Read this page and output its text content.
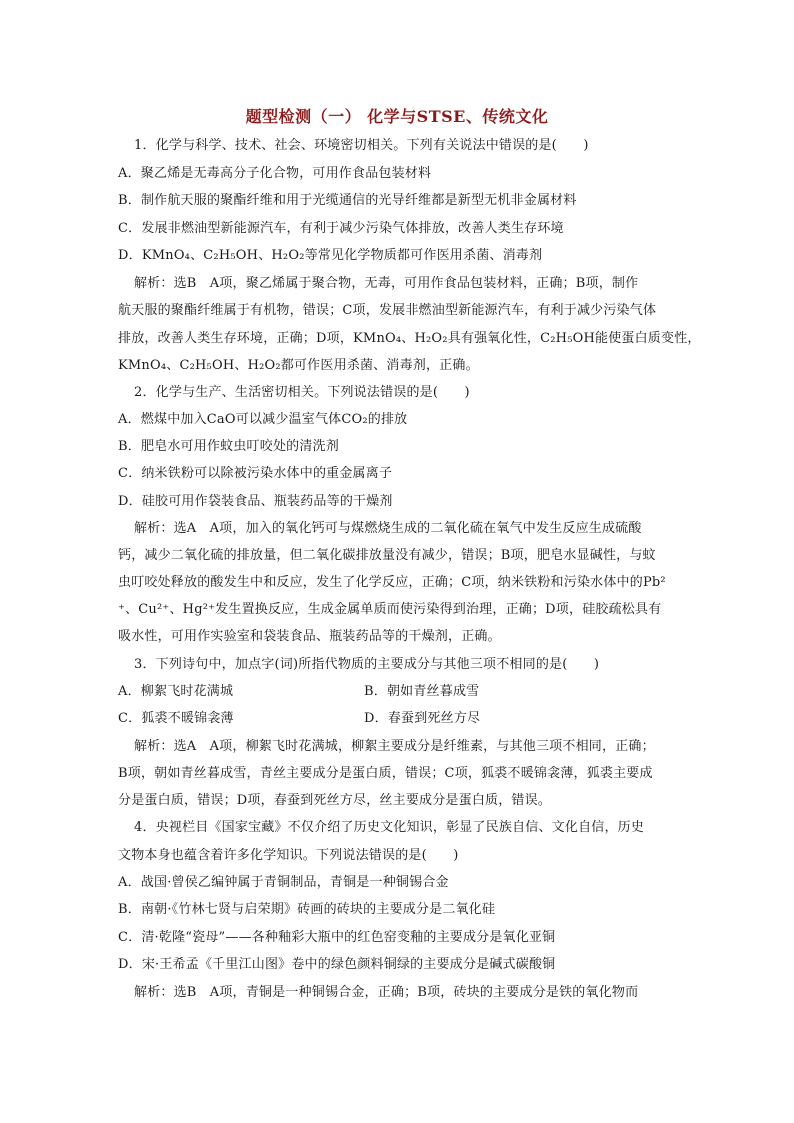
题型检测（一） 化学与STSE、传统文化
1．化学与科学、技术、社会、环境密切相关。下列有关说法中错误的是(　　)
A．聚乙烯是无毒高分子化合物，可用作食品包装材料
B．制作航天服的聚酯纤维和用于光缆通信的光导纤维都是新型无机非金属材料
C．发展非燃油型新能源汽车，有利于减少污染气体排放，改善人类生存环境
D．KMnO₄、C₂H₅OH、H₂O₂等常见化学物质都可作医用杀菌、消毒剂
解析：选B　A项，聚乙烯属于聚合物，无毒，可用作食品包装材料，正确；B项，制作
航天服的聚酯纤维属于有机物，错误；C项，发展非燃油型新能源汽车，有利于减少污染气体
排放，改善人类生存环境，正确；D项，KMnO₄、H₂O₂具有强氧化性，C₂H₅OH能使蛋白质变性，
KMnO₄、C₂H₅OH、H₂O₂都可作医用杀菌、消毒剂，正确。
2．化学与生产、生活密切相关。下列说法错误的是(　　)
A．燃煤中加入CaO可以减少温室气体CO₂的排放
B．肥皂水可用作蚊虫叮咬处的清洗剂
C．纳米铁粉可以除被污染水体中的重金属离子
D．硅胶可用作袋装食品、瓶装药品等的干燥剂
解析：选A　A项，加入的氧化钙可与煤燃烧生成的二氧化硫在氧气中发生反应生成硫酸
钙，减少二氧化硫的排放量，但二氧化碳排放量没有减少，错误；B项，肥皂水显碱性，与蚊
虫叮咬处释放的酸发生中和反应，发生了化学反应，正确；C项，纳米铁粉和污染水体中的Pb²
⁺、Cu²⁺、Hg²⁺发生置换反应，生成金属单质而使污染得到治理，正确；D项，硅胶疏松具有
吸水性，可用作实验室和袋装食品、瓶装药品等的干燥剂，正确。
3．下列诗句中，加点字(词)所指代物质的主要成分与其他三项不相同的是(　　)
A．柳絮飞时花满城	B．朝如青丝暮成雪
C．狐裘不暖锦衾薄	D．春蚕到死丝方尽
解析：选A　A项，柳絮飞时花满城，柳絮主要成分是纤维素，与其他三项不相同，正确；
B项，朝如青丝暮成雪，青丝主要成分是蛋白质，错误；C项，狐裘不暖锦衾薄，狐裘主要成
分是蛋白质，错误；D项，春蚕到死丝方尽，丝主要成分是蛋白质，错误。
4．央视栏目《国家宝藏》不仅介绍了历史文化知识，彰显了民族自信、文化自信，历史
文物本身也蕴含着许多化学知识。下列说法错误的是(　　)
A．战国·曾侯乙编钟属于青铜制品，青铜是一种铜锡合金
B．南朝·《竹林七贤与启荣期》砖画的砖块的主要成分是二氧化硅
C．清·乾隆“瓷母”——各种釉彩大瓶中的红色窑变釉的主要成分是氧化亚铜
D．宋·王希孟《千里江山图》卷中的绿色颜料铜绿的主要成分是碱式碳酸铜
解析：选B　A项，青铜是一种铜锡合金，正确；B项，砖块的主要成分是铁的氧化物而
